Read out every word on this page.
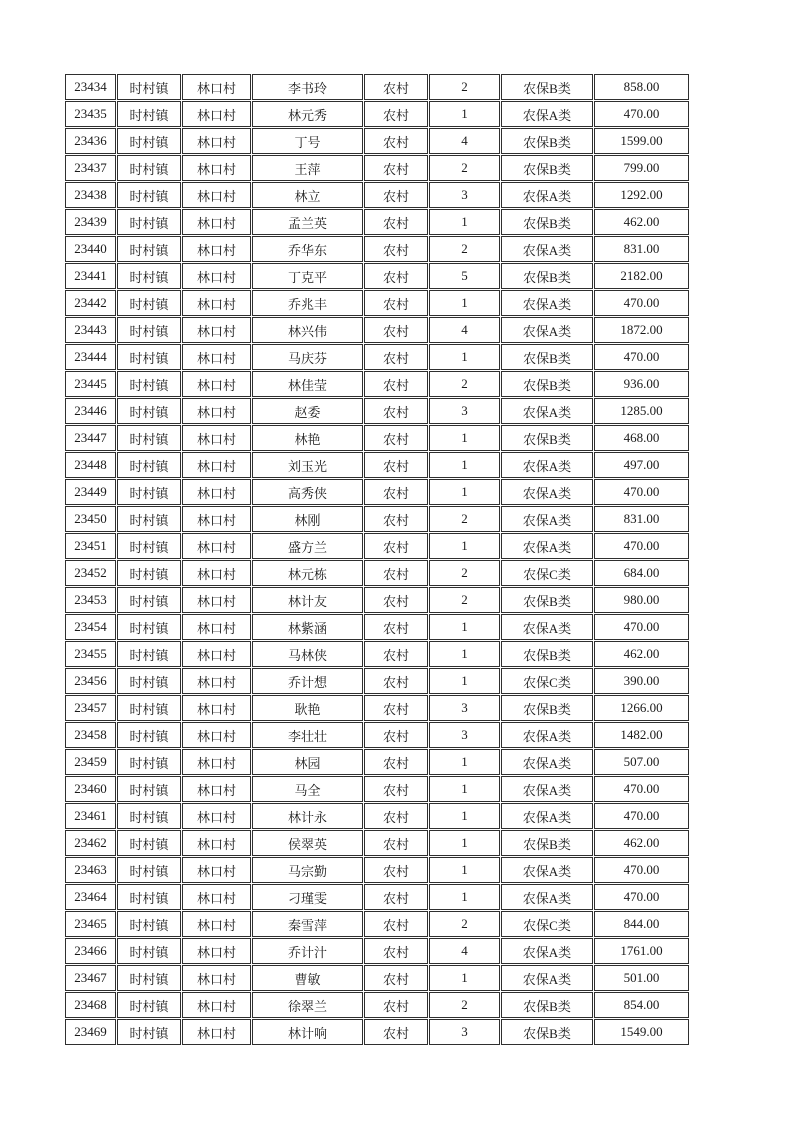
23434	时村镇	林口村	李书玲	农村	2	农保B类	858.00
23435	时村镇	林口村	林元秀	农村	1	农保A类	470.00
23436	时村镇	林口村	丁号	农村	4	农保B类	1599.00
23437	时村镇	林口村	王萍	农村	2	农保B类	799.00
23438	时村镇	林口村	林立	农村	3	农保A类	1292.00
23439	时村镇	林口村	孟兰英	农村	1	农保B类	462.00
23440	时村镇	林口村	乔华东	农村	2	农保A类	831.00
23441	时村镇	林口村	丁克平	农村	5	农保B类	2182.00
23442	时村镇	林口村	乔兆丰	农村	1	农保A类	470.00
23443	时村镇	林口村	林兴伟	农村	4	农保A类	1872.00
23444	时村镇	林口村	马庆芬	农村	1	农保B类	470.00
23445	时村镇	林口村	林佳莹	农村	2	农保B类	936.00
23446	时村镇	林口村	赵委	农村	3	农保A类	1285.00
23447	时村镇	林口村	林艳	农村	1	农保B类	468.00
23448	时村镇	林口村	刘玉光	农村	1	农保A类	497.00
23449	时村镇	林口村	高秀侠	农村	1	农保A类	470.00
23450	时村镇	林口村	林刚	农村	2	农保A类	831.00
23451	时村镇	林口村	盛方兰	农村	1	农保A类	470.00
23452	时村镇	林口村	林元栋	农村	2	农保C类	684.00
23453	时村镇	林口村	林计友	农村	2	农保B类	980.00
23454	时村镇	林口村	林紫涵	农村	1	农保A类	470.00
23455	时村镇	林口村	马林侠	农村	1	农保B类	462.00
23456	时村镇	林口村	乔计想	农村	1	农保C类	390.00
23457	时村镇	林口村	耿艳	农村	3	农保B类	1266.00
23458	时村镇	林口村	李壮壮	农村	3	农保A类	1482.00
23459	时村镇	林口村	林园	农村	1	农保A类	507.00
23460	时村镇	林口村	马全	农村	1	农保A类	470.00
23461	时村镇	林口村	林计永	农村	1	农保A类	470.00
23462	时村镇	林口村	侯翠英	农村	1	农保B类	462.00
23463	时村镇	林口村	马宗勤	农村	1	农保A类	470.00
23464	时村镇	林口村	刁瑾雯	农村	1	农保A类	470.00
23465	时村镇	林口村	秦雪萍	农村	2	农保C类	844.00
23466	时村镇	林口村	乔计汁	农村	4	农保A类	1761.00
23467	时村镇	林口村	曹敏	农村	1	农保A类	501.00
23468	时村镇	林口村	徐翠兰	农村	2	农保B类	854.00
23469	时村镇	林口村	林计响	农村	3	农保B类	1549.00
